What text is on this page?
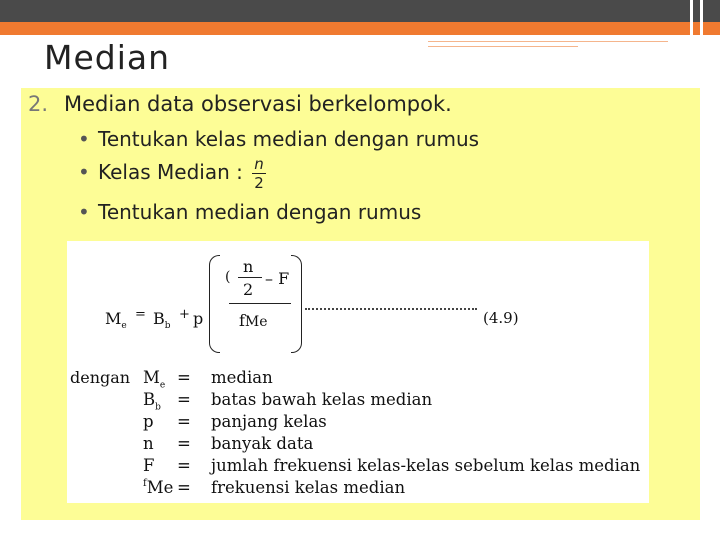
Median
2. Median data observasi berkelompok.
• Tentukan kelas median dengan rumus
• Kelas Median : n
2
• Tentukan median dengan rumus
$M_e$
= $B_b$
+ p
(
n
2
– F
fMe	(4.9)
dengan $M_e$ = median
$B_b$ = batas bawah kelas median
p = panjang kelas
n = banyak data
F = jumlah frekuensi kelas-kelas sebelum kelas median
$^f$Me = frekuensi kelas median
